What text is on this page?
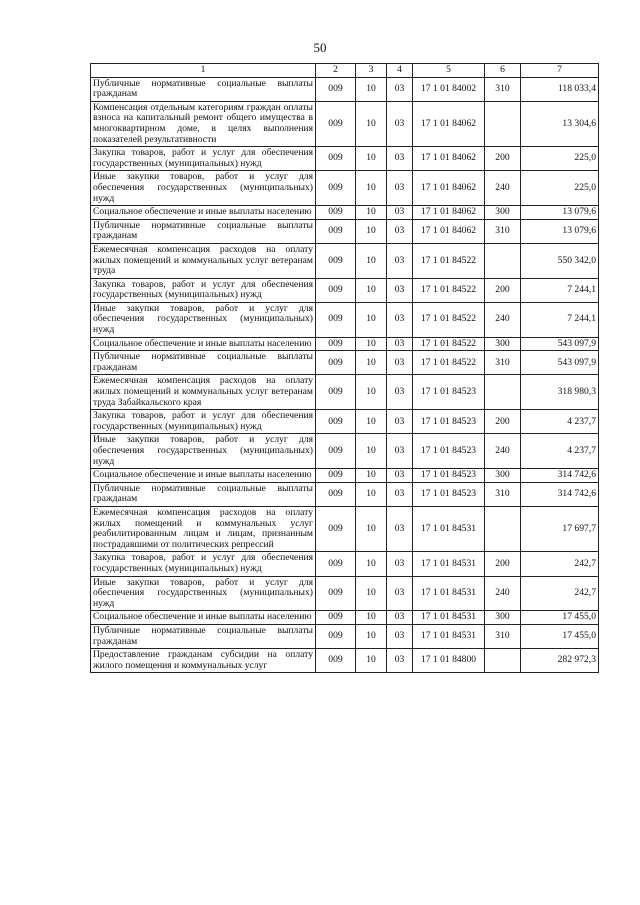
50
1	2	3	4	5	6	7
Публичные нормативные социальные выплаты гражданам	009	10	03	17 1 01 84002	310	118 033,4
Компенсация отдельным категориям граждан оплаты взноса на капитальный ремонт общего имущества в многоквартирном доме, в целях выполнения показателей результативности	009	10	03	17 1 01 84062		13 304,6
Закупка товаров, работ и услуг для обеспечения государственных (муниципальных) нужд	009	10	03	17 1 01 84062	200	225,0
Иные закупки товаров, работ и услуг для обеспечения государственных (муниципальных) нужд	009	10	03	17 1 01 84062	240	225,0
Социальное обеспечение и иные выплаты населению	009	10	03	17 1 01 84062	300	13 079,6
Публичные нормативные социальные выплаты гражданам	009	10	03	17 1 01 84062	310	13 079,6
Ежемесячная компенсация расходов на оплату жилых помещений и коммунальных услуг ветеранам труда	009	10	03	17 1 01 84522		550 342,0
Закупка товаров, работ и услуг для обеспечения государственных (муниципальных) нужд	009	10	03	17 1 01 84522	200	7 244,1
Иные закупки товаров, работ и услуг для обеспечения государственных (муниципальных) нужд	009	10	03	17 1 01 84522	240	7 244,1
Социальное обеспечение и иные выплаты населению	009	10	03	17 1 01 84522	300	543 097,9
Публичные нормативные социальные выплаты гражданам	009	10	03	17 1 01 84522	310	543 097,9
Ежемесячная компенсация расходов на оплату жилых помещений и коммунальных услуг ветеранам труда Забайкальского края	009	10	03	17 1 01 84523		318 980,3
Закупка товаров, работ и услуг для обеспечения государственных (муниципальных) нужд	009	10	03	17 1 01 84523	200	4 237,7
Иные закупки товаров, работ и услуг для обеспечения государственных (муниципальных) нужд	009	10	03	17 1 01 84523	240	4 237,7
Социальное обеспечение и иные выплаты населению	009	10	03	17 1 01 84523	300	314 742,6
Публичные нормативные социальные выплаты гражданам	009	10	03	17 1 01 84523	310	314 742,6
Ежемесячная компенсация расходов на оплату жилых помещений и коммунальных услуг реабилитированным лицам и лицам, признанным пострадавшими от политических репрессий	009	10	03	17 1 01 84531		17 697,7
Закупка товаров, работ и услуг для обеспечения государственных (муниципальных) нужд	009	10	03	17 1 01 84531	200	242,7
Иные закупки товаров, работ и услуг для обеспечения государственных (муниципальных) нужд	009	10	03	17 1 01 84531	240	242,7
Социальное обеспечение и иные выплаты населению	009	10	03	17 1 01 84531	300	17 455,0
Публичные нормативные социальные выплаты гражданам	009	10	03	17 1 01 84531	310	17 455,0
Предоставление гражданам субсидии на оплату жилого помещения и коммунальных услуг	009	10	03	17 1 01 84800		282 972,3
